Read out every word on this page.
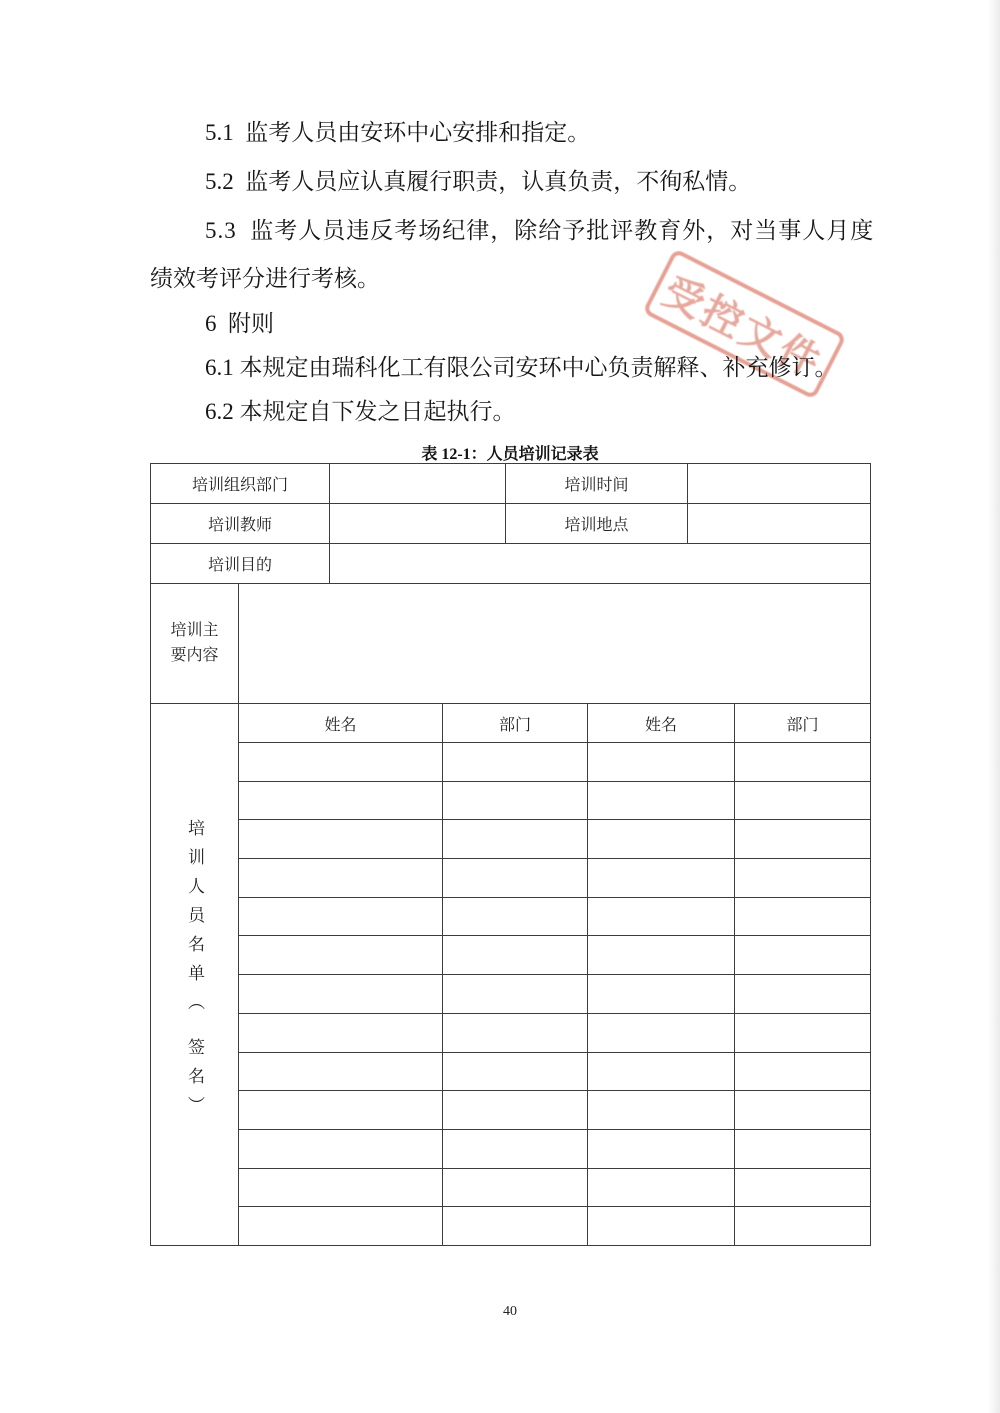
受控文件
5.1  监考人员由安环中心安排和指定。
5.2  监考人员应认真履行职责，认真负责，不徇私情。
5.3  监考人员违反考场纪律，除给予批评教育外，对当事人月度
绩效考评分进行考核。
6  附则
6.1 本规定由瑞科化工有限公司安环中心负责解释、补充修订。
6.2 本规定自下发之日起执行。
表 12-1：人员培训记录表
培训组织部门			培训时间	
培训教师			培训地点	
培训目的				
培训主要内容				
培训人员名单（ 签名）	姓名	部门	姓名	部门

40
